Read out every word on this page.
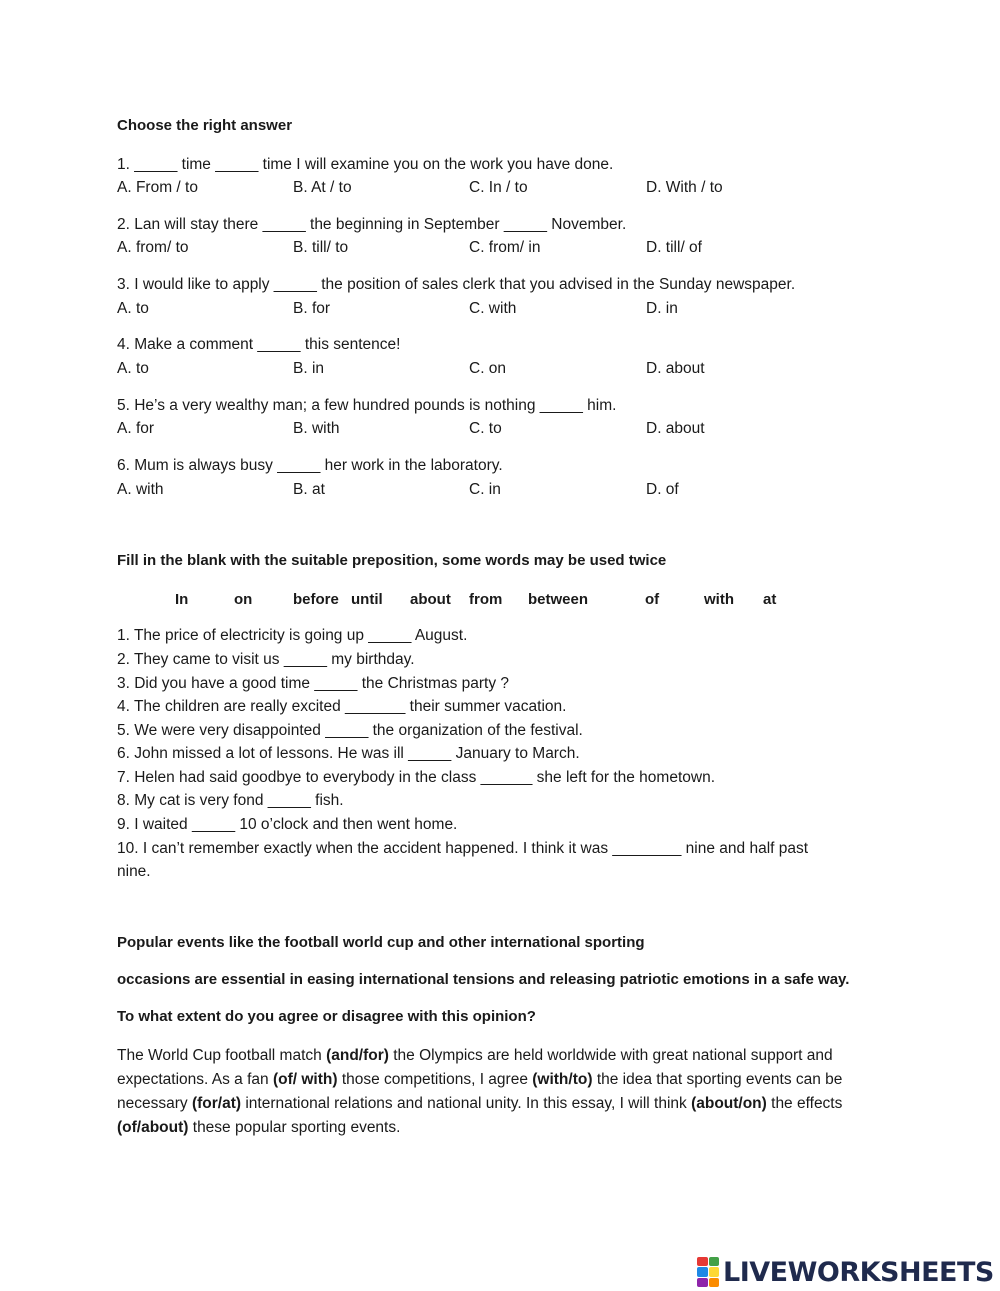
Choose the right answer
1. _____ time _____ time I will examine you on the work you have done.
A. From / to	B. At / to	C. In / to	D. With / to
2. Lan will stay there _____ the beginning in September _____ November.
A. from/ to	B. till/ to	C. from/ in	D. till/ of
3. I would like to apply _____ the position of sales clerk that you advised in the Sunday newspaper.
A. to	B. for	C. with	D. in
4. Make a comment _____ this sentence!
A. to	B. in	C. on	D. about
5. He’s a very wealthy man; a few hundred pounds is nothing _____ him.
A. for	B. with	C. to	D. about
6. Mum is always busy _____ her work in the laboratory.
A. with	B. at	C. in	D. of
Fill in the blank with the suitable preposition, some words may be used twice
In	on	before until about from between	of	with at
1. The price of electricity is going up _____ August.
2. They came to visit us _____ my birthday.
3. Did you have a good time _____ the Christmas party ?
4. The children are really excited _______ their summer vacation.
5. We were very disappointed _____ the organization of the festival.
6. John missed a lot of lessons. He was ill _____ January to March.
7. Helen had said goodbye to everybody in the class ______ she left for the hometown.
8. My cat is very fond _____ fish.
9. I waited _____ 10 o’clock and then went home.
10. I can’t remember exactly when the accident happened. I think it was ________ nine and half past
nine.
Popular events like the football world cup and other international sporting
occasions are essential in easing international tensions and releasing patriotic emotions in a safe way.
To what extent do you agree or disagree with this opinion?
The World Cup football match (and/for) the Olympics are held worldwide with great national support and expectations. As a fan (of/ with) those competitions, I agree (with/to) the idea that sporting events can be necessary (for/at) international relations and national unity. In this essay, I will think (about/on) the effects (of/about) these popular sporting events.
LIVEWORKSHEETS
